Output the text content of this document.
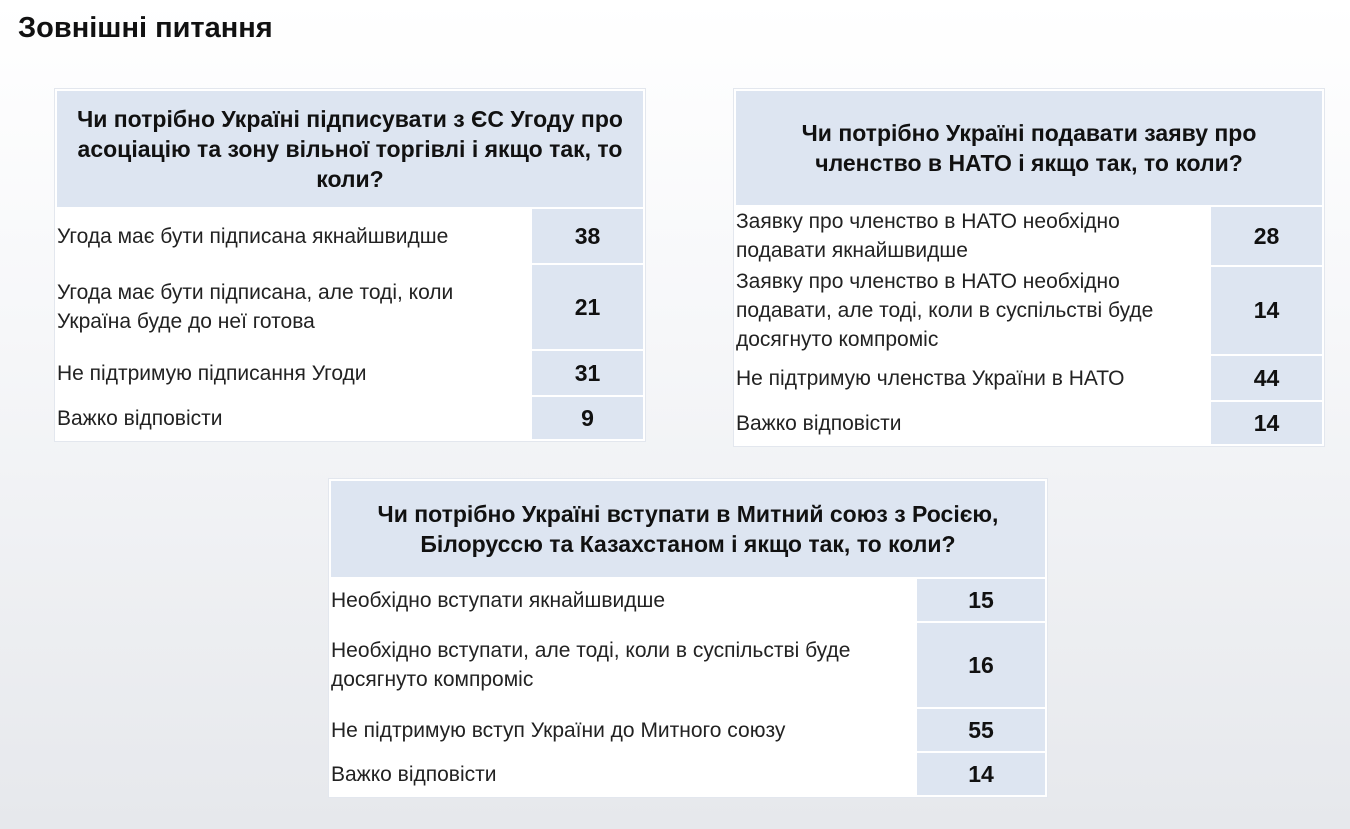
Зовнішні питання
Чи потрібно Україні підписувати з ЄС Угоду про асоціацію та зону вільної торгівлі і якщо так, то коли?	
Угода має бути підписана якнайшвидше	38
Угода має бути підписана, але тоді, коли Україна буде до неї готова	21
Не підтримую підписання Угоди	31
Важко відповісти	9
Чи потрібно Україні подавати заяву про членство в НАТО і якщо так, то коли?	
Заявку про членство в НАТО необхідно подавати якнайшвидше	28
Заявку про членство в НАТО необхідно подавати, але тоді, коли в суспільстві буде досягнуто компроміс	14
Не підтримую членства України в НАТО	44
Важко відповісти	14
Чи потрібно Україні вступати в Митний союз з Росією, Білоруссю та Казахстаном і якщо так, то коли?	
Необхідно вступати якнайшвидше	15
Необхідно вступати, але тоді, коли в суспільстві буде досягнуто компроміс	16
Не підтримую вступ України до Митного союзу	55
Важко відповісти	14
